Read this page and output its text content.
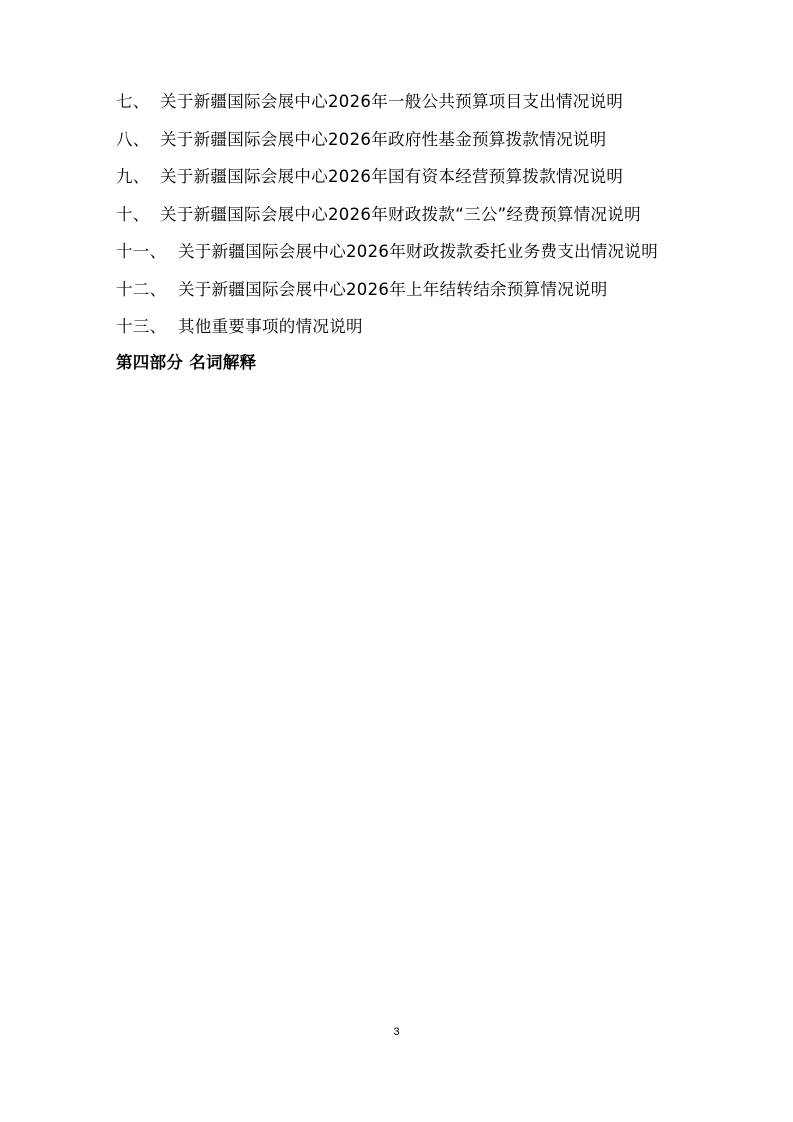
七、 关于新疆国际会展中心2026年一般公共预算项目支出情况说明
八、 关于新疆国际会展中心2026年政府性基金预算拨款情况说明
九、 关于新疆国际会展中心2026年国有资本经营预算拨款情况说明
十、 关于新疆国际会展中心2026年财政拨款“三公”经费预算情况说明
十一、 关于新疆国际会展中心2026年财政拨款委托业务费支出情况说明
十二、 关于新疆国际会展中心2026年上年结转结余预算情况说明
十三、 其他重要事项的情况说明
第四部分 名词解释
3
